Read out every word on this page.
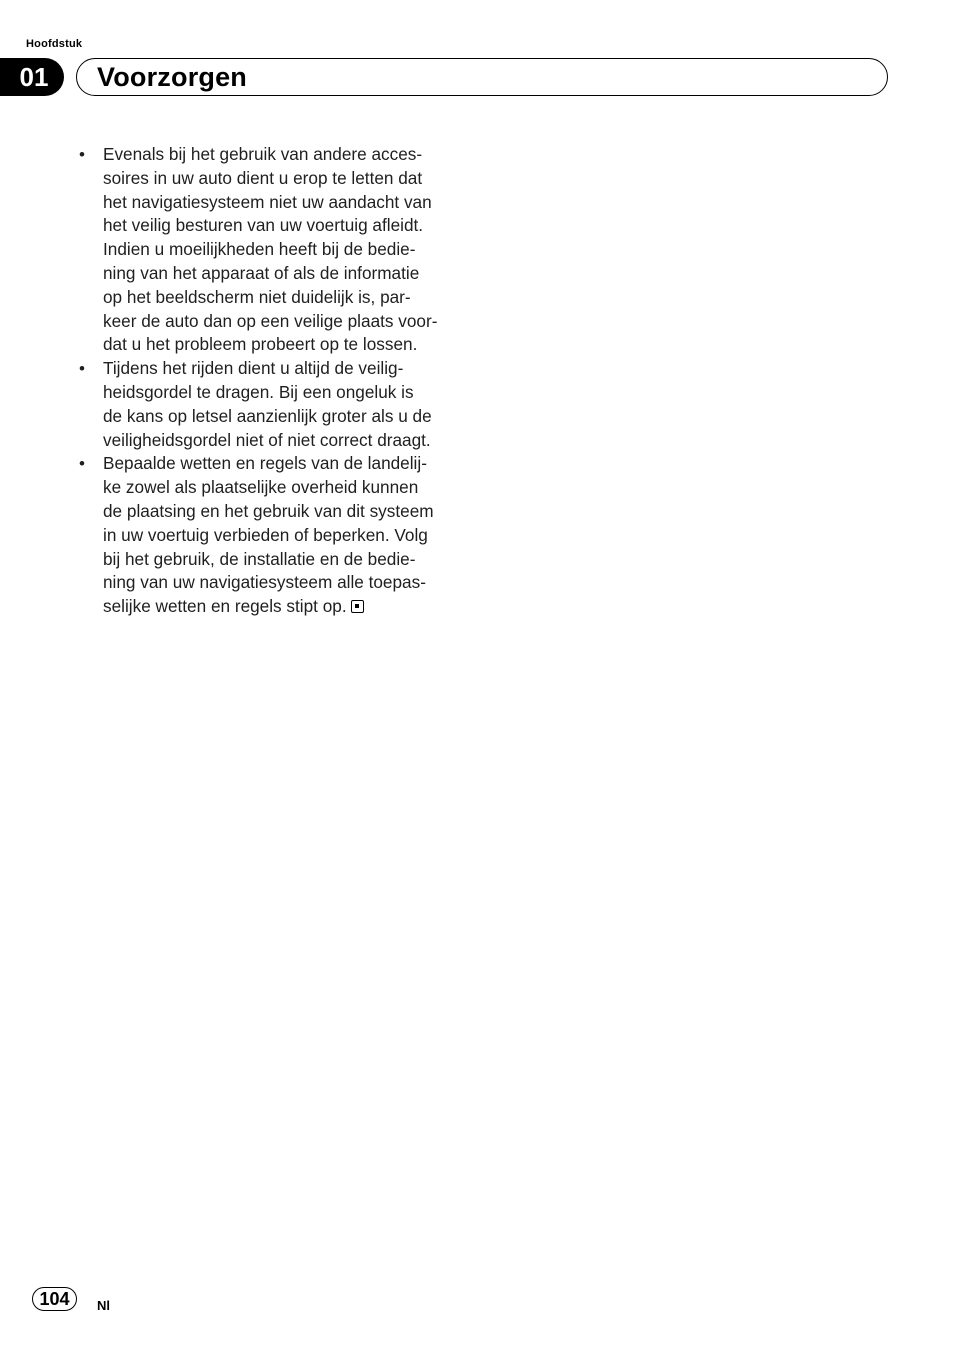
Hoofdstuk
01	Voorzorgen
• Evenals bij het gebruik van andere acces-
soires in uw auto dient u erop te letten dat
het navigatiesysteem niet uw aandacht van
het veilig besturen van uw voertuig afleidt.
Indien u moeilijkheden heeft bij de bedie-
ning van het apparaat of als de informatie
op het beeldscherm niet duidelijk is, par-
keer de auto dan op een veilige plaats voor-
dat u het probleem probeert op te lossen.
• Tijdens het rijden dient u altijd de veilig-
heidsgordel te dragen. Bij een ongeluk is
de kans op letsel aanzienlijk groter als u de
veiligheidsgordel niet of niet correct draagt.
• Bepaalde wetten en regels van de landelij-
ke zowel als plaatselijke overheid kunnen
de plaatsing en het gebruik van dit systeem
in uw voertuig verbieden of beperken. Volg
bij het gebruik, de installatie en de bedie-
ning van uw navigatiesysteem alle toepas-
selijke wetten en regels stipt op.
104	Nl
